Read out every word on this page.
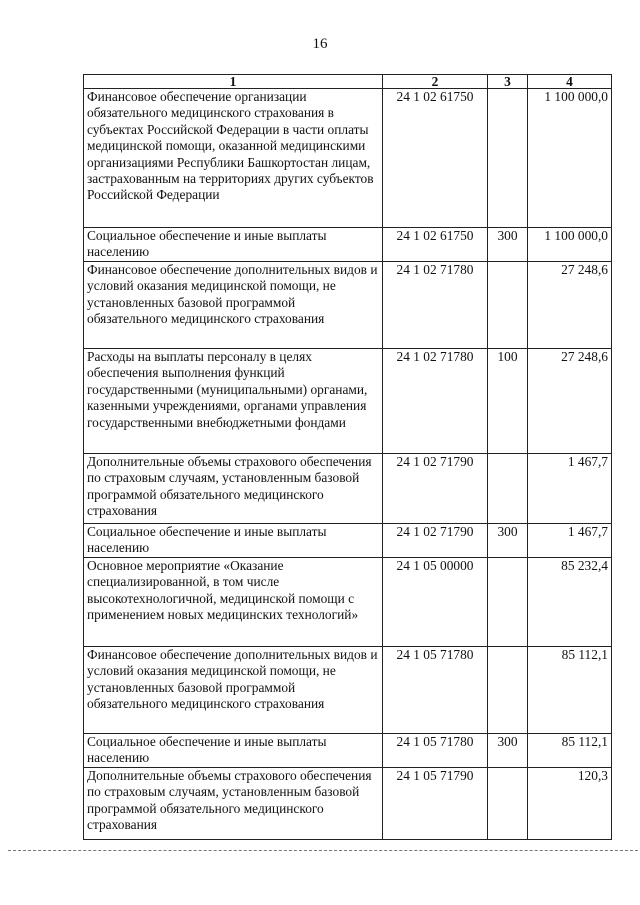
16
1	2	3	4
Финансовое обеспечение организации обязательного медицинского страхования в субъектах Российской Федерации в части оплаты медицинской помощи, оказанной медицинскими организациями Республики Башкортостан лицам, застрахованным на территориях других субъектов Российской Федерации	24 1 02 61750		1 100 000,0
Социальное обеспечение и иные выплаты населению	24 1 02 61750	300	1 100 000,0
Финансовое обеспечение дополнительных видов и условий оказания медицинской помощи, не установленных базовой программой обязательного медицинского страхования	24 1 02 71780		27 248,6
Расходы на выплаты персоналу в целях обеспечения выполнения функций государственными (муниципальными) органами, казенными учреждениями, органами управления государственными внебюджетными фондами	24 1 02 71780	100	27 248,6
Дополнительные объемы страхового обеспечения по страховым случаям, установленным базовой программой обязательного медицинского страхования	24 1 02 71790		1 467,7
Социальное обеспечение и иные выплаты населению	24 1 02 71790	300	1 467,7
Основное мероприятие «Оказание специализированной, в том числе высокотехнологичной, медицинской помощи с применением новых медицинских технологий»	24 1 05 00000		85 232,4
Финансовое обеспечение дополнительных видов и условий оказания медицинской помощи, не установленных базовой программой обязательного медицинского страхования	24 1 05 71780		85 112,1
Социальное обеспечение и иные выплаты населению	24 1 05 71780	300	85 112,1
Дополнительные объемы страхового обеспечения по страховым случаям, установленным базовой программой обязательного медицинского страхования	24 1 05 71790		120,3
